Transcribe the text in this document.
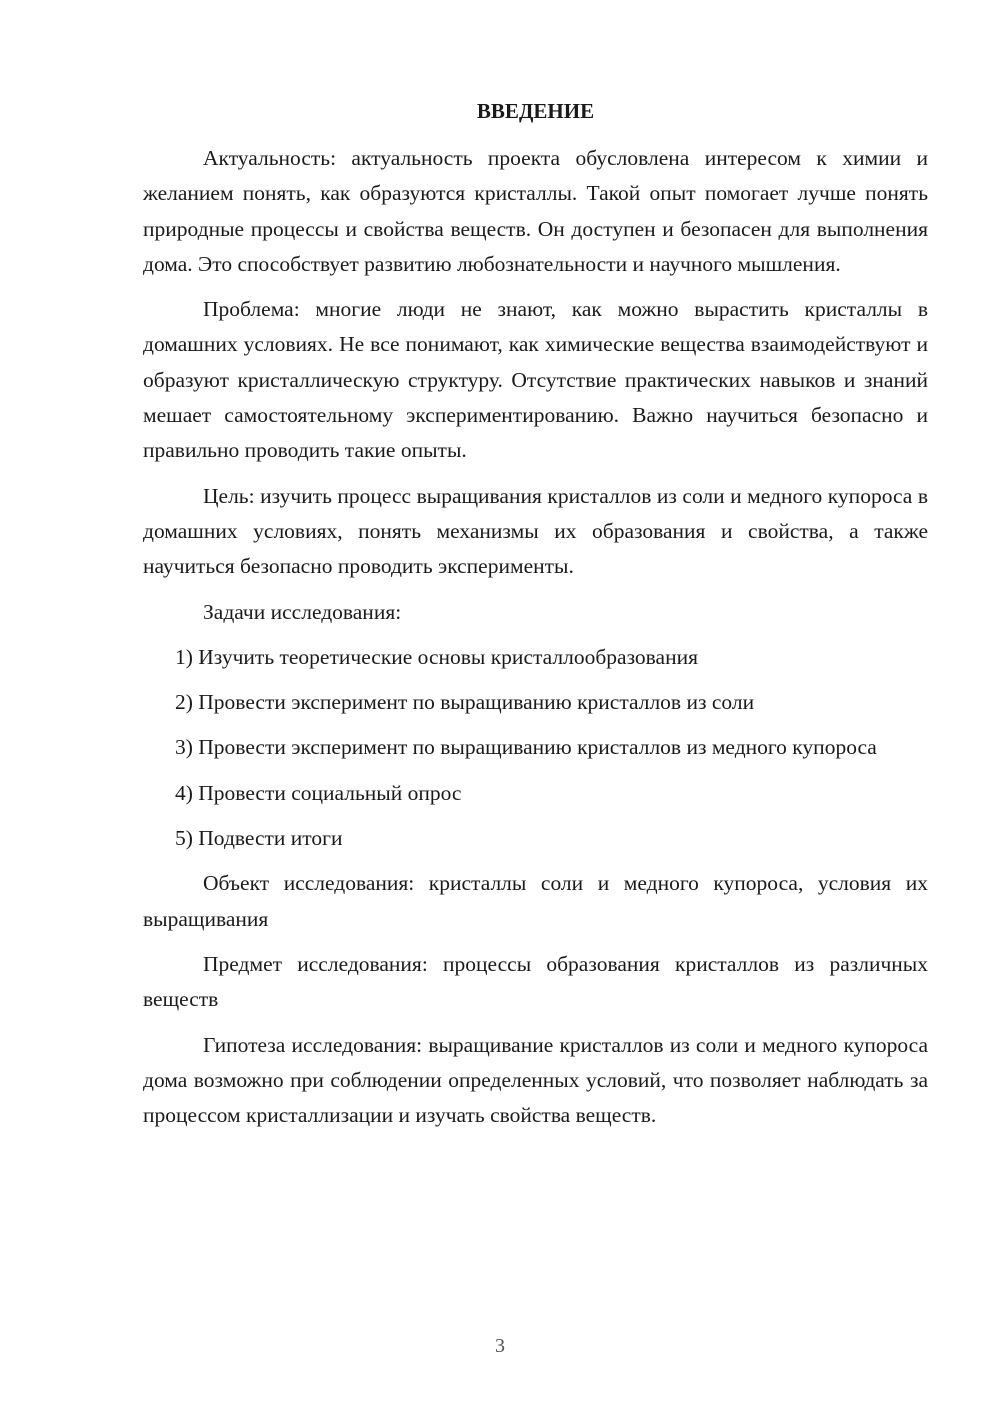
ВВЕДЕНИЕ

Актуальность: актуальность проекта обусловлена интересом к химии и желанием понять, как образуются кристаллы. Такой опыт помогает лучше понять природные процессы и свойства веществ. Он доступен и безопасен для выполнения дома. Это способствует развитию любознательности и научного мышления.

Проблема: многие люди не знают, как можно вырастить кристаллы в домашних условиях. Не все понимают, как химические вещества взаимодействуют и образуют кристаллическую структуру. Отсутствие практических навыков и знаний мешает самостоятельному экспериментированию. Важно научиться безопасно и правильно проводить такие опыты.

Цель: изучить процесс выращивания кристаллов из соли и медного купороса в домашних условиях, понять механизмы их образования и свойства, а также научиться безопасно проводить эксперименты.

Задачи исследования:

1) Изучить теоретические основы кристаллообразования

2) Провести эксперимент по выращиванию кристаллов из соли

3) Провести эксперимент по выращиванию кристаллов из медного купороса

4) Провести социальный опрос

5) Подвести итоги

Объект исследования: кристаллы соли и медного купороса, условия их выращивания

Предмет исследования: процессы образования кристаллов из различных веществ

Гипотеза исследования: выращивание кристаллов из соли и медного купороса дома возможно при соблюдении определенных условий, что позволяет наблюдать за процессом кристаллизации и изучать свойства веществ.

3
